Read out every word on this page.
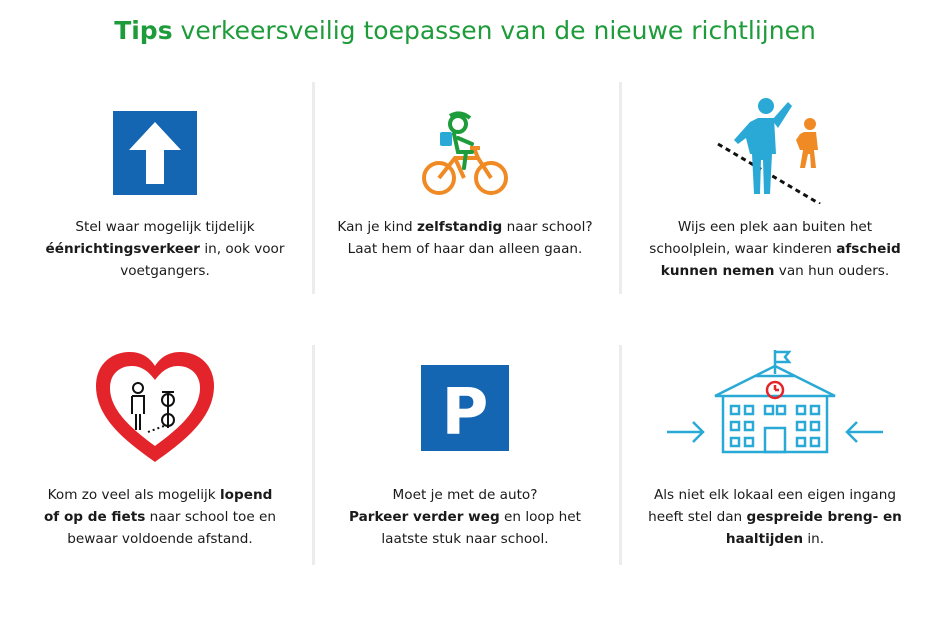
Tips verkeersveilig toepassen van de nieuwe richtlijnen
Stel waar mogelijk tijdelijk
éénrichtingsverkeer in, ook voor
voetgangers.
Kan je kind zelfstandig naar school?
Laat hem of haar dan alleen gaan.
Wijs een plek aan buiten het
schoolplein, waar kinderen afscheid
kunnen nemen van hun ouders.
Kom zo veel als mogelijk lopend
of op de fiets naar school toe en
bewaar voldoende afstand.
P
Moet je met de auto?
Parkeer verder weg en loop het
laatste stuk naar school.
Als niet elk lokaal een eigen ingang
heeft stel dan gespreide breng- en
haaltijden in.
